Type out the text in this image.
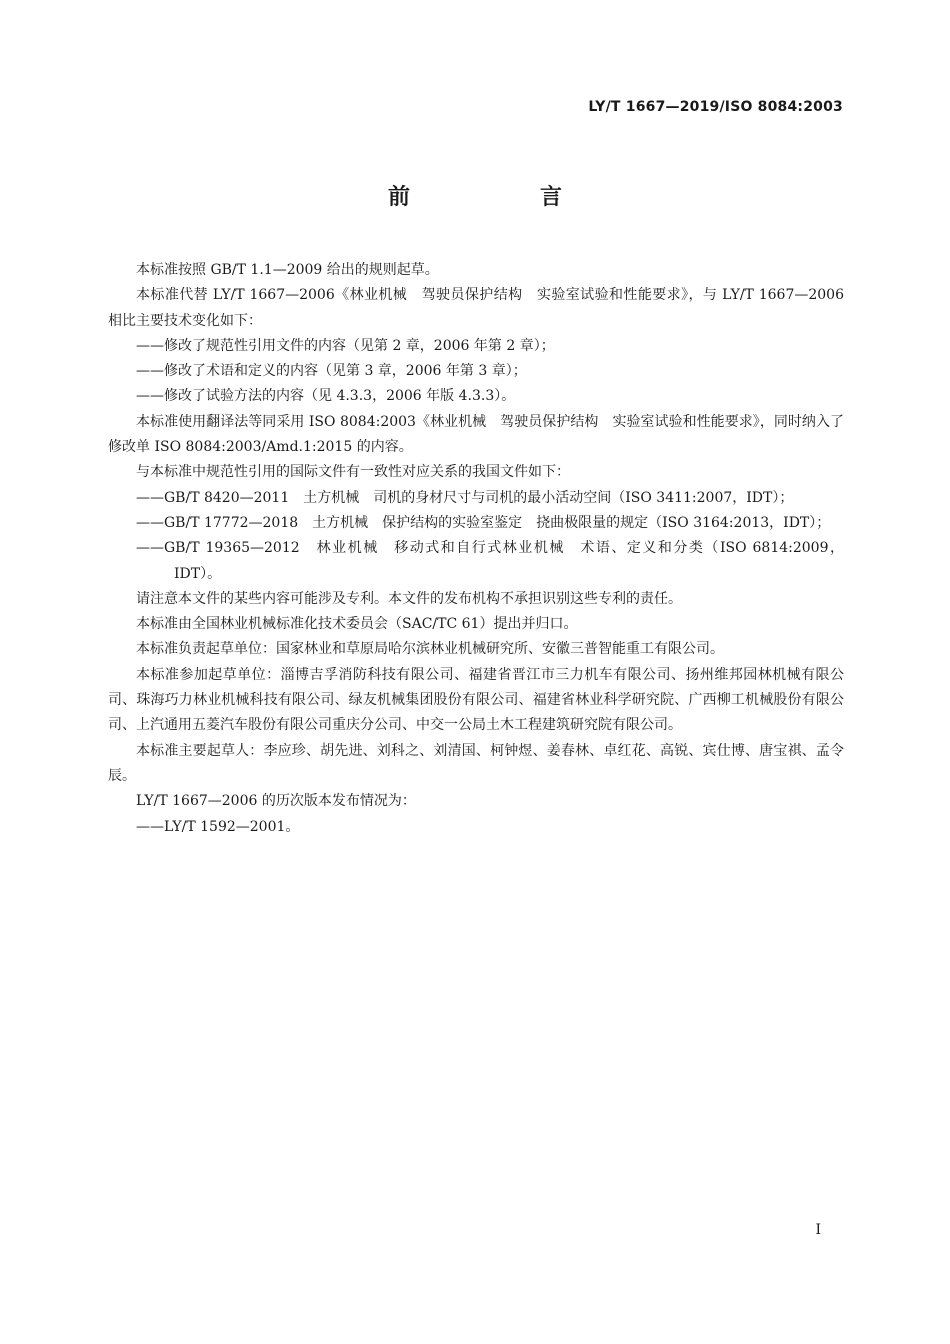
LY/T 1667—2019/ISO 8084:2003
前　言

本标准按照 GB/T 1.1—2009 给出的规则起草。

本标准代替 LY/T 1667—2006《林业机械　驾驶员保护结构　实验室试验和性能要求》，与 LY/T 1667—2006 相比主要技术变化如下：

——修改了规范性引用文件的内容（见第 2 章，2006 年第 2 章）；

——修改了术语和定义的内容（见第 3 章，2006 年第 3 章）；

——修改了试验方法的内容（见 4.3.3，2006 年版 4.3.3）。

本标准使用翻译法等同采用 ISO 8084:2003《林业机械　驾驶员保护结构　实验室试验和性能要求》，同时纳入了修改单 ISO 8084:2003/Amd.1:2015 的内容。

与本标准中规范性引用的国际文件有一致性对应关系的我国文件如下：

——GB/T 8420—2011　土方机械　司机的身材尺寸与司机的最小活动空间（ISO 3411:2007，IDT）；

——GB/T 17772—2018　土方机械　保护结构的实验室鉴定　挠曲极限量的规定（ISO 3164:2013，IDT）；

——GB/T 19365—2012　林业机械　移动式和自行式林业机械　术语、定义和分类（ISO 6814:2009，IDT）。

请注意本文件的某些内容可能涉及专利。本文件的发布机构不承担识别这些专利的责任。

本标准由全国林业机械标准化技术委员会（SAC/TC 61）提出并归口。

本标准负责起草单位：国家林业和草原局哈尔滨林业机械研究所、安徽三普智能重工有限公司。

本标准参加起草单位：淄博吉孚消防科技有限公司、福建省晋江市三力机车有限公司、扬州维邦园林机械有限公司、珠海巧力林业机械科技有限公司、绿友机械集团股份有限公司、福建省林业科学研究院、广西柳工机械股份有限公司、上汽通用五菱汽车股份有限公司重庆分公司、中交一公局土木工程建筑研究院有限公司。

本标准主要起草人：李应珍、胡先进、刘科之、刘清国、柯钟煜、姜春林、卓红花、高锐、宾仕博、唐宝祺、孟令辰。

LY/T 1667—2006 的历次版本发布情况为：

——LY/T 1592—2001。

I
